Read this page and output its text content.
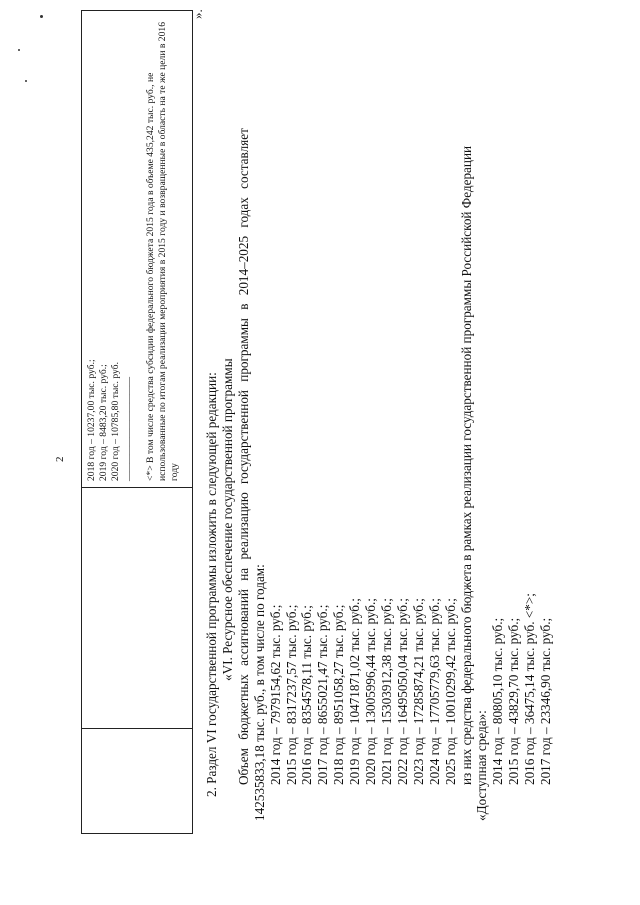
2
		2018 год – 10237,00 тыс. руб.; 2019 год – 8483,20 тыс. руб.; 2020 год – 10785,80 тыс. руб. ———————————— <*> В том числе средства субсидии федерального бюджета 2015 года в объеме 435,242 тыс. руб., не использованные по итогам реализации мероприятия в 2015 году и возвращенные в область на те же цели в 2016 году
».
2. Раздел VI государственной программы изложить в следующей редакции: «VI. Ресурсное обеспечение государственной программы Объем бюджетных ассигнований на реализацию государственной программы в 2014–2025 годах составляет 142535833,18 тыс. руб., в том числе по годам: 2014 год – 7979154,62 тыс. руб.; 2015 год – 8317237,57 тыс. руб.; 2016 год – 8354578,11 тыс. руб.; 2017 год – 8655021,47 тыс. руб.; 2018 год – 8951058,27 тыс. руб.; 2019 год – 10471871,02 тыс. руб.; 2020 год – 13005996,44 тыс. руб.; 2021 год – 15303912,38 тыс. руб.; 2022 год – 16495050,04 тыс. руб.; 2023 год – 17285874,21 тыс. руб.; 2024 год – 17705779,63 тыс. руб.; 2025 год – 10010299,42 тыс. руб.; из них средства федерального бюджета в рамках реализации государственной программы Российской Федерации «Доступная среда»: 2014 год – 80805,10 тыс. руб.; 2015 год – 43829,70 тыс. руб.; 2016 год – 36475,14 тыс. руб. <*>; 2017 год – 23346,90 тыс. руб.;
